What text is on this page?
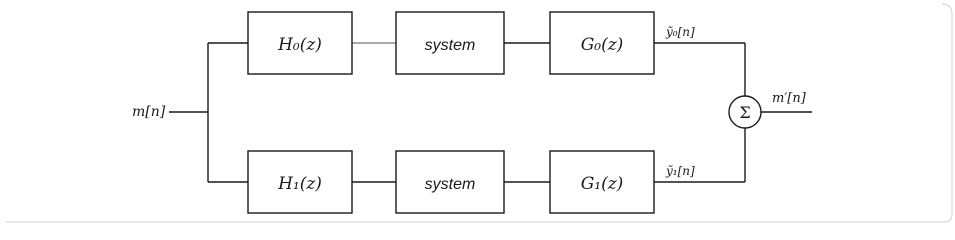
m[n]
H₀(z)	system	G₀(z)
ỹ₀[n]
H₁(z)	system	G₁(z)
ỹ₁[n]
Σ
m′[n]
